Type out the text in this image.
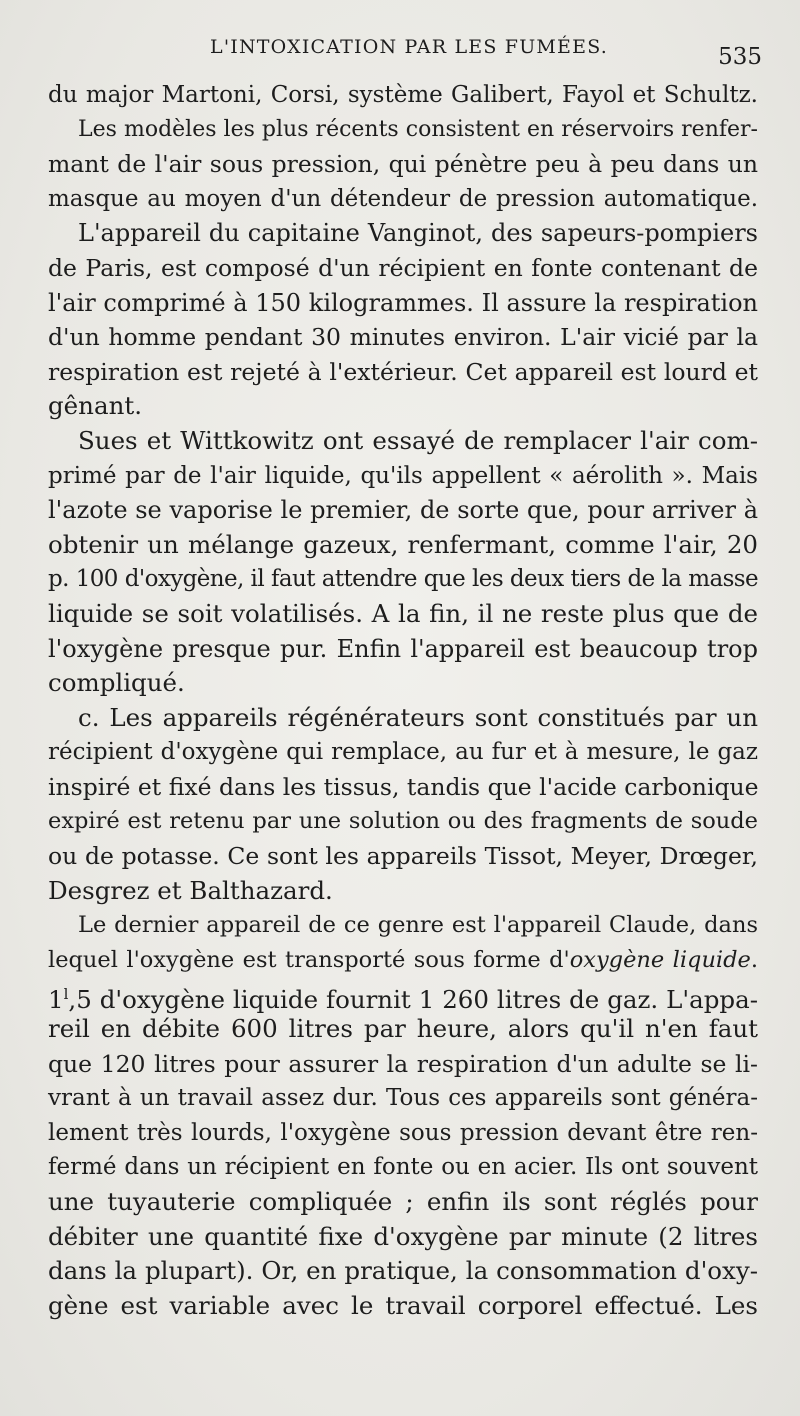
L'INTOXICATION PAR LES FUMÉES.	535
du major Martoni, Corsi, système Galibert, Fayol et Schultz.
Les modèles les plus récents consistent en réservoirs renfer-
mant de l'air sous pression, qui pénètre peu à peu dans un
masque au moyen d'un détendeur de pression automatique.
L'appareil du capitaine Vanginot, des sapeurs-pompiers
de Paris, est composé d'un récipient en fonte contenant de
l'air comprimé à 150 kilogrammes. Il assure la respiration
d'un homme pendant 30 minutes environ. L'air vicié par la
respiration est rejeté à l'extérieur. Cet appareil est lourd et
gênant.
Sues et Wittkowitz ont essayé de remplacer l'air com-
primé par de l'air liquide, qu'ils appellent « aérolith ». Mais
l'azote se vaporise le premier, de sorte que, pour arriver à
obtenir un mélange gazeux, renfermant, comme l'air, 20
p. 100 d'oxygène, il faut attendre que les deux tiers de la masse
liquide se soit volatilisés. A la fin, il ne reste plus que de
l'oxygène presque pur. Enfin l'appareil est beaucoup trop
compliqué.
c. Les appareils régénérateurs sont constitués par un
récipient d'oxygène qui remplace, au fur et à mesure, le gaz
inspiré et fixé dans les tissus, tandis que l'acide carbonique
expiré est retenu par une solution ou des fragments de soude
ou de potasse. Ce sont les appareils Tissot, Meyer, Drœger,
Desgrez et Balthazard.
Le dernier appareil de ce genre est l'appareil Claude, dans
lequel l'oxygène est transporté sous forme d'oxygène liquide.
1$^l$,5 d'oxygène liquide fournit 1 260 litres de gaz. L'appa-
reil en débite 600 litres par heure, alors qu'il n'en faut
que 120 litres pour assurer la respiration d'un adulte se li-
vrant à un travail assez dur. Tous ces appareils sont généra-
lement très lourds, l'oxygène sous pression devant être ren-
fermé dans un récipient en fonte ou en acier. Ils ont souvent
une tuyauterie compliquée ; enfin ils sont réglés pour
débiter une quantité fixe d'oxygène par minute (2 litres
dans la plupart). Or, en pratique, la consommation d'oxy-
gène est variable avec le travail corporel effectué. Les
